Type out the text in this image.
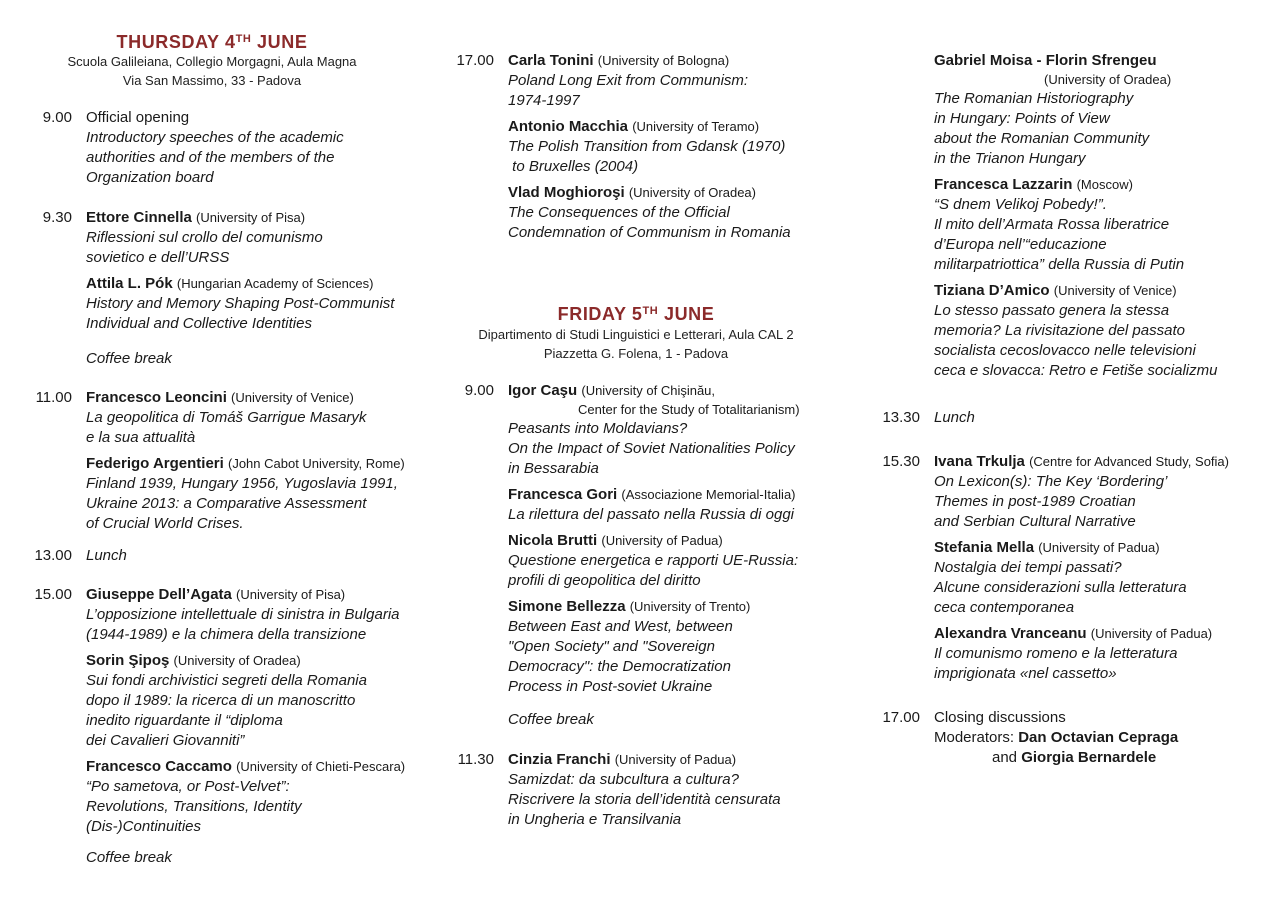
THURSDAY 4TH JUNE
Scuola Galileiana, Collegio Morgagni, Aula Magna
Via San Massimo, 33 - Padova
9.00 Official opening
Introductory speeches of the academic
authorities and of the members of the
Organization board
9.30 Ettore Cinnella (University of Pisa)
Riflessioni sul crollo del comunismo
sovietico e dell’URSS
Attila L. Pók (Hungarian Academy of Sciences)
History and Memory Shaping Post-Communist
Individual and Collective Identities
Coffee break
11.00 Francesco Leoncini (University of Venice)
La geopolitica di Tomáš Garrigue Masaryk
e la sua attualità
Federigo Argentieri (John Cabot University, Rome)
Finland 1939, Hungary 1956, Yugoslavia 1991,
Ukraine 2013: a Comparative Assessment
of Crucial World Crises.
13.00 Lunch
15.00 Giuseppe Dell’Agata (University of Pisa)
L’opposizione intellettuale di sinistra in Bulgaria
(1944-1989) e la chimera della transizione
Sorin Şipoş (University of Oradea)
Sui fondi archivistici segreti della Romania
dopo il 1989: la ricerca di un manoscritto
inedito riguardante il “diploma
dei Cavalieri Giovanniti”
Francesco Caccamo (University of Chieti-Pescara)
“Po sametova, or Post-Velvet”:
Revolutions, Transitions, Identity
(Dis-)Continuities
Coffee break
17.00 Carla Tonini (University of Bologna)
Poland Long Exit from Communism:
1974-1997
Antonio Macchia (University of Teramo)
The Polish Transition from Gdansk (1970)
to Bruxelles (2004)
Vlad Moghioroşi (University of Oradea)
The Consequences of the Official
Condemnation of Communism in Romania
FRIDAY 5TH JUNE
Dipartimento di Studi Linguistici e Letterari, Aula CAL 2
Piazzetta G. Folena, 1 - Padova
9.00 Igor Caşu (University of Chişinău,
Center for the Study of Totalitarianism)
Peasants into Moldavians?
On the Impact of Soviet Nationalities Policy
in Bessarabia
Francesca Gori (Associazione Memorial-Italia)
La rilettura del passato nella Russia di oggi
Nicola Brutti (University of Padua)
Questione energetica e rapporti UE-Russia:
profili di geopolitica del diritto
Simone Bellezza (University of Trento)
Between East and West, between
"Open Society" and "Sovereign
Democracy": the Democratization
Process in Post-soviet Ukraine
Coffee break
11.30 Cinzia Franchi (University of Padua)
Samizdat: da subcultura a cultura?
Riscrivere la storia dell’identità censurata
in Ungheria e Transilvania
Gabriel Moisa - Florin Sfrengeu
(University of Oradea)
The Romanian Historiography
in Hungary: Points of View
about the Romanian Community
in the Trianon Hungary
Francesca Lazzarin (Moscow)
“S dnem Velikoj Pobedy!”.
Il mito dell’Armata Rossa liberatrice
d’Europa nell’“educazione
militarpatriottica” della Russia di Putin
Tiziana D’Amico (University of Venice)
Lo stesso passato genera la stessa
memoria? La rivisitazione del passato
socialista cecoslovacco nelle televisioni
ceca e slovacca: Retro e Fetiše socializmu
13.30 Lunch
15.30 Ivana Trkulja (Centre for Advanced Study, Sofia)
On Lexicon(s): The Key ‘Bordering’
Themes in post-1989 Croatian
and Serbian Cultural Narrative
Stefania Mella (University of Padua)
Nostalgia dei tempi passati?
Alcune considerazioni sulla letteratura
ceca contemporanea
Alexandra Vranceanu (University of Padua)
Il comunismo romeno e la letteratura
imprigionata «nel cassetto»
17.00 Closing discussions
Moderators: Dan Octavian Cepraga
and Giorgia Bernardele
